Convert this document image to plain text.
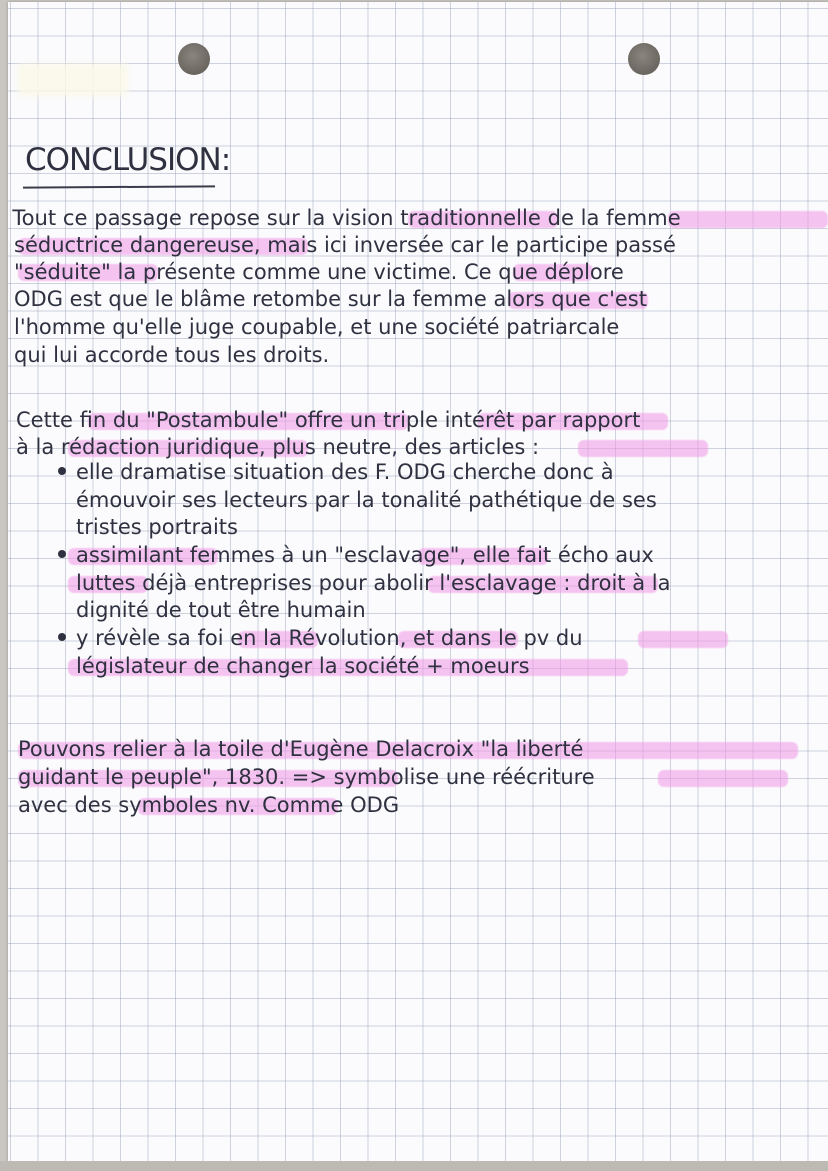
CONCLUSION:
Tout ce passage repose sur la vision traditionnelle de la femme
séductrice dangereuse, mais ici inversée car le participe passé
"séduite" la présente comme une victime. Ce que déplore
ODG est que le blâme retombe sur la femme alors que c'est
l'homme qu'elle juge coupable, et une société patriarcale
qui lui accorde tous les droits.
Cette fin du "Postambule" offre un triple intérêt par rapport
à la rédaction juridique, plus neutre, des articles :
elle dramatise situation des F. ODG cherche donc à
émouvoir ses lecteurs par la tonalité pathétique de ses
tristes portraits
assimilant femmes à un "esclavage", elle fait écho aux
luttes déjà entreprises pour abolir l'esclavage : droit à la
dignité de tout être humain
y révèle sa foi en la Révolution, et dans le pv du
législateur de changer la société + moeurs
Pouvons relier à la toile d'Eugène Delacroix "la liberté
guidant le peuple", 1830. => symbolise une réécriture
avec des symboles nv. Comme ODG
